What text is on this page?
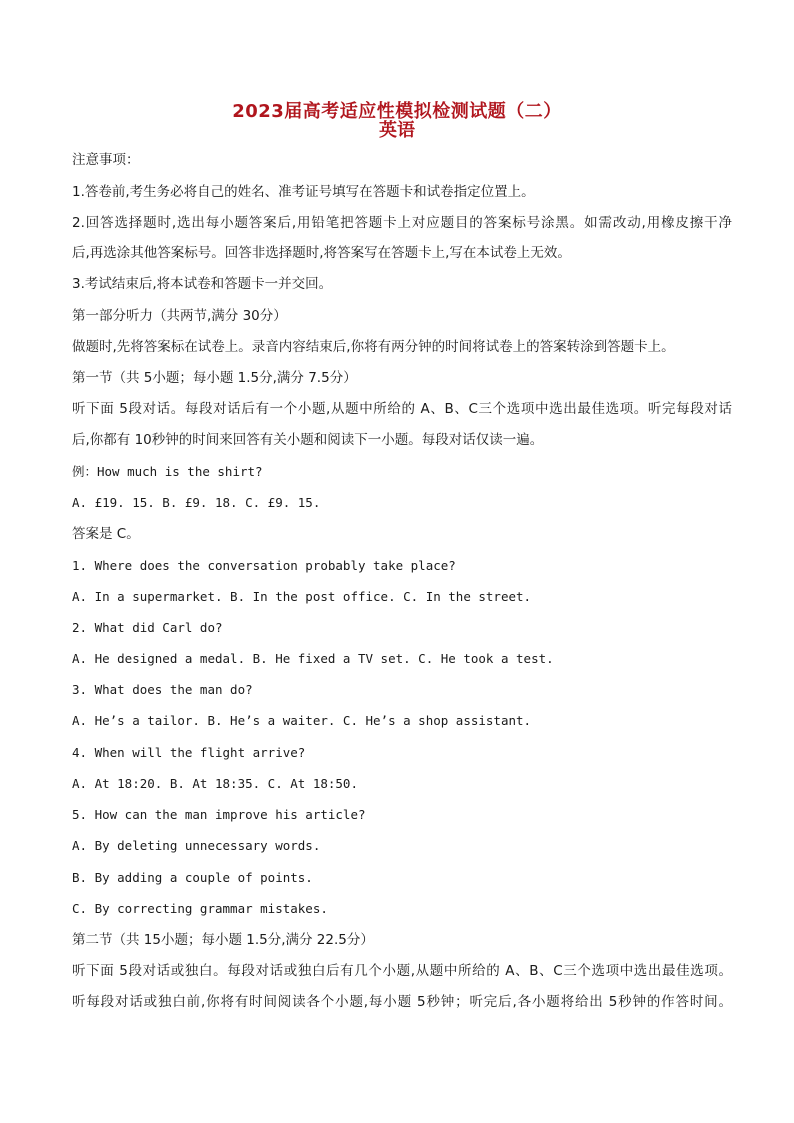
2023届高考适应性模拟检测试题（二）
英语
注意事项：
1.答卷前,考生务必将自己的姓名、准考证号填写在答题卡和试卷指定位置上。
2.回答选择题时,选出每小题答案后,用铅笔把答题卡上对应题目的答案标号涂黑。如需改动,用橡皮擦干净
后,再选涂其他答案标号。回答非选择题时,将答案写在答题卡上,写在本试卷上无效。
3.考试结束后,将本试卷和答题卡一并交回。
第一部分听力（共两节,满分 30分）
做题时,先将答案标在试卷上。录音内容结束后,你将有两分钟的时间将试卷上的答案转涂到答题卡上。
第一节（共 5小题；每小题 1.5分,满分 7.5分）
听下面 5段对话。每段对话后有一个小题,从题中所给的 A、B、C三个选项中选出最佳选项。听完每段对话
后,你都有 10秒钟的时间来回答有关小题和阅读下一小题。每段对话仅读一遍。
例：How much is the shirt?
A. £19. 15. B. £9. 18. C. £9. 15.
答案是 C。
1. Where does the conversation probably take place?
A. In a supermarket. B. In the post office. C. In the street.
2. What did Carl do?
A. He designed a medal. B. He fixed a TV set. C. He took a test.
3. What does the man do?
A. He’s a tailor. B. He’s a waiter. C. He’s a shop assistant.
4. When will the flight arrive?
A. At 18:20. B. At 18:35. C. At 18:50.
5. How can the man improve his article?
A. By deleting unnecessary words.
B. By adding a couple of points.
C. By correcting grammar mistakes.
第二节（共 15小题；每小题 1.5分,满分 22.5分）
听下面 5段对话或独白。每段对话或独白后有几个小题,从题中所给的 A、B、C三个选项中选出最佳选项。
听每段对话或独白前,你将有时间阅读各个小题,每小题 5秒钟；听完后,各小题将给出 5秒钟的作答时间。
